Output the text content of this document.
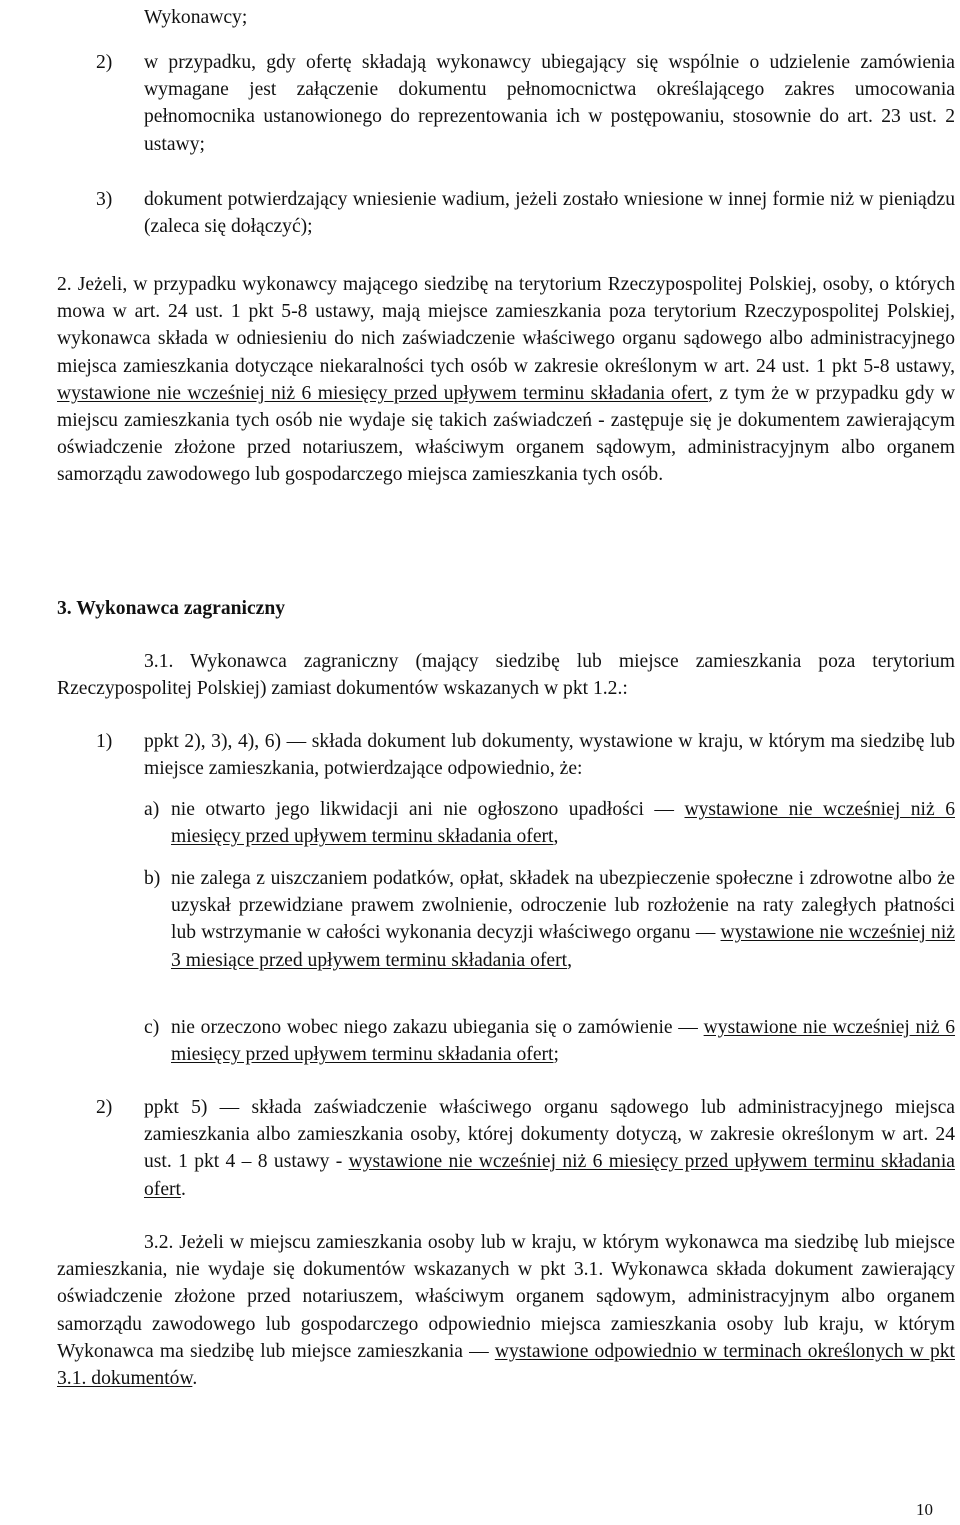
Wykonawcy;
2) w przypadku, gdy ofertę składają wykonawcy ubiegający się wspólnie o udzielenie zamówienia wymagane jest załączenie dokumentu pełnomocnictwa określającego zakres umocowania pełnomocnika ustanowionego do reprezentowania ich w postępowaniu, stosownie do art. 23 ust. 2 ustawy;

3) dokument potwierdzający wniesienie wadium, jeżeli zostało wniesione w innej formie niż w pieniądzu (zaleca się dołączyć);

2. Jeżeli, w przypadku wykonawcy mającego siedzibę na terytorium Rzeczypospolitej Polskiej, osoby, o których mowa w art. 24 ust. 1 pkt 5-8 ustawy, mają miejsce zamieszkania poza terytorium Rzeczypospolitej Polskiej, wykonawca składa w odniesieniu do nich zaświadczenie właściwego organu sądowego albo administracyjnego miejsca zamieszkania dotyczące niekaralności tych osób w zakresie określonym w art. 24 ust. 1 pkt 5-8 ustawy, wystawione nie wcześniej niż 6 miesięcy przed upływem terminu składania ofert, z tym że w przypadku gdy w miejscu zamieszkania tych osób nie wydaje się takich zaświadczeń - zastępuje się je dokumentem zawierającym oświadczenie złożone przed notariuszem, właściwym organem sądowym, administracyjnym albo organem samorządu zawodowego lub gospodarczego miejsca zamieszkania tych osób.

3. Wykonawca zagraniczny

3.1. Wykonawca zagraniczny (mający siedzibę lub miejsce zamieszkania poza terytorium Rzeczypospolitej Polskiej) zamiast dokumentów wskazanych w pkt 1.2.:

1) ppkt 2), 3), 4), 6) — składa dokument lub dokumenty, wystawione w kraju, w którym ma siedzibę lub miejsce zamieszkania, potwierdzające odpowiednio, że:

a) nie otwarto jego likwidacji ani nie ogłoszono upadłości — wystawione nie wcześniej niż 6 miesięcy przed upływem terminu składania ofert,

b) nie zalega z uiszczaniem podatków, opłat, składek na ubezpieczenie społeczne i zdrowotne albo że uzyskał przewidziane prawem zwolnienie, odroczenie lub rozłożenie na raty zaległych płatności lub wstrzymanie w całości wykonania decyzji właściwego organu — wystawione nie wcześniej niż 3 miesiące przed upływem terminu składania ofert,

c) nie orzeczono wobec niego zakazu ubiegania się o zamówienie — wystawione nie wcześniej niż 6 miesięcy przed upływem terminu składania ofert;

2) ppkt 5) — składa zaświadczenie właściwego organu sądowego lub administracyjnego miejsca zamieszkania albo zamieszkania osoby, której dokumenty dotyczą, w zakresie określonym w art. 24 ust. 1 pkt 4 – 8 ustawy - wystawione nie wcześniej niż 6 miesięcy przed upływem terminu składania ofert.

3.2. Jeżeli w miejscu zamieszkania osoby lub w kraju, w którym wykonawca ma siedzibę lub miejsce zamieszkania, nie wydaje się dokumentów wskazanych w pkt 3.1. Wykonawca składa dokument zawierający oświadczenie złożone przed notariuszem, właściwym organem sądowym, administracyjnym albo organem samorządu zawodowego lub gospodarczego odpowiednio miejsca zamieszkania osoby lub kraju, w którym Wykonawca ma siedzibę lub miejsce zamieszkania — wystawione odpowiednio w terminach określonych w pkt 3.1. dokumentów.

10
